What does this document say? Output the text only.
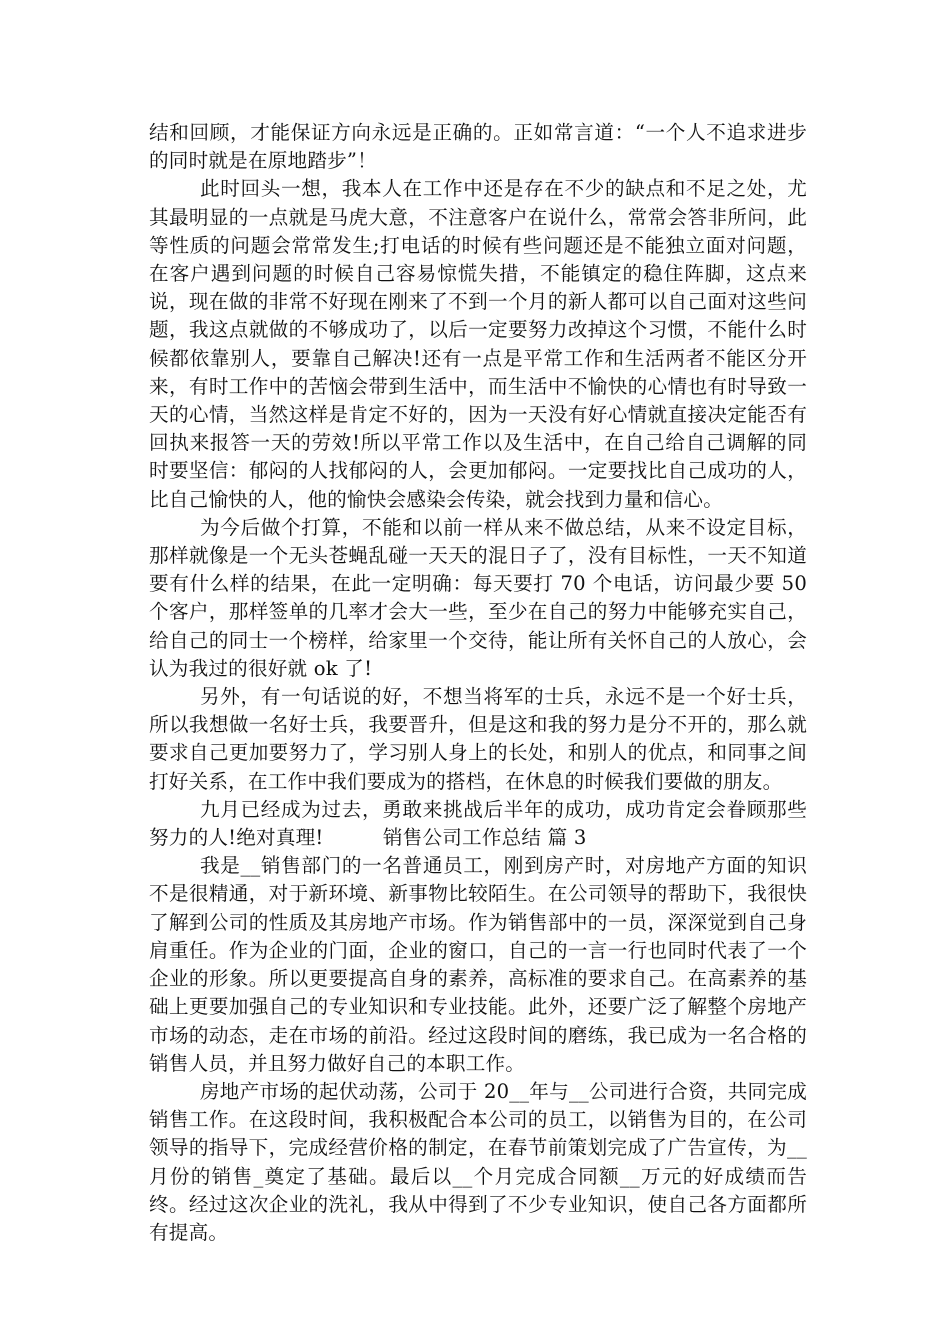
结和回顾，才能保证方向永远是正确的。正如常言道：“一个人不追求进步的同时就是在原地踏步”！

此时回头一想，我本人在工作中还是存在不少的缺点和不足之处，尤其最明显的一点就是马虎大意，不注意客户在说什么，常常会答非所问，此等性质的问题会常常发生;打电话的时候有些问题还是不能独立面对问题，在客户遇到问题的时候自己容易惊慌失措，不能镇定的稳住阵脚，这点来说，现在做的非常不好现在刚来了不到一个月的新人都可以自己面对这些问题，我这点就做的不够成功了，以后一定要努力改掉这个习惯，不能什么时候都依靠别人，要靠自己解决!还有一点是平常工作和生活两者不能区分开来，有时工作中的苦恼会带到生活中，而生活中不愉快的心情也有时导致一天的心情，当然这样是肯定不好的，因为一天没有好心情就直接决定能否有回执来报答一天的劳效!所以平常工作以及生活中，在自己给自己调解的同时要坚信：郁闷的人找郁闷的人，会更加郁闷。一定要找比自己成功的人，比自己愉快的人，他的愉快会感染会传染，就会找到力量和信心。

为今后做个打算，不能和以前一样从来不做总结，从来不设定目标，那样就像是一个无头苍蝇乱碰一天天的混日子了，没有目标性，一天不知道要有什么样的结果，在此一定明确：每天要打 70 个电话，访问最少要 50 个客户，那样签单的几率才会大一些，至少在自己的努力中能够充实自己，给自己的同士一个榜样，给家里一个交待，能让所有关怀自己的人放心，会认为我过的很好就 ok 了!

另外，有一句话说的好，不想当将军的士兵，永远不是一个好士兵，所以我想做一名好士兵，我要晋升，但是这和我的努力是分不开的，那么就要求自己更加要努力了，学习别人身上的长处，和别人的优点，和同事之间打好关系，在工作中我们要成为的搭档，在休息的时候我们要做的朋友。

九月已经成为过去，勇敢来挑战后半年的成功，成功肯定会眷顾那些努力的人!绝对真理!　　　销售公司工作总结 篇 3

我是__销售部门的一名普通员工，刚到房产时，对房地产方面的知识不是很精通，对于新环境、新事物比较陌生。在公司领导的帮助下，我很快了解到公司的性质及其房地产市场。作为销售部中的一员，深深觉到自己身肩重任。作为企业的门面，企业的窗口，自己的一言一行也同时代表了一个企业的形象。所以更要提高自身的素养，高标准的要求自己。在高素养的基础上更要加强自己的专业知识和专业技能。此外，还要广泛了解整个房地产市场的动态，走在市场的前沿。经过这段时间的磨练，我已成为一名合格的销售人员，并且努力做好自己的本职工作。

房地产市场的起伏动荡，公司于 20__年与__公司进行合资，共同完成销售工作。在这段时间，我积极配合本公司的员工，以销售为目的，在公司领导的指导下，完成经营价格的制定，在春节前策划完成了广告宣传，为__月份的销售_奠定了基础。最后以__个月完成合同额__万元的好成绩而告终。经过这次企业的洗礼，我从中得到了不少专业知识，使自己各方面都所有提高。
